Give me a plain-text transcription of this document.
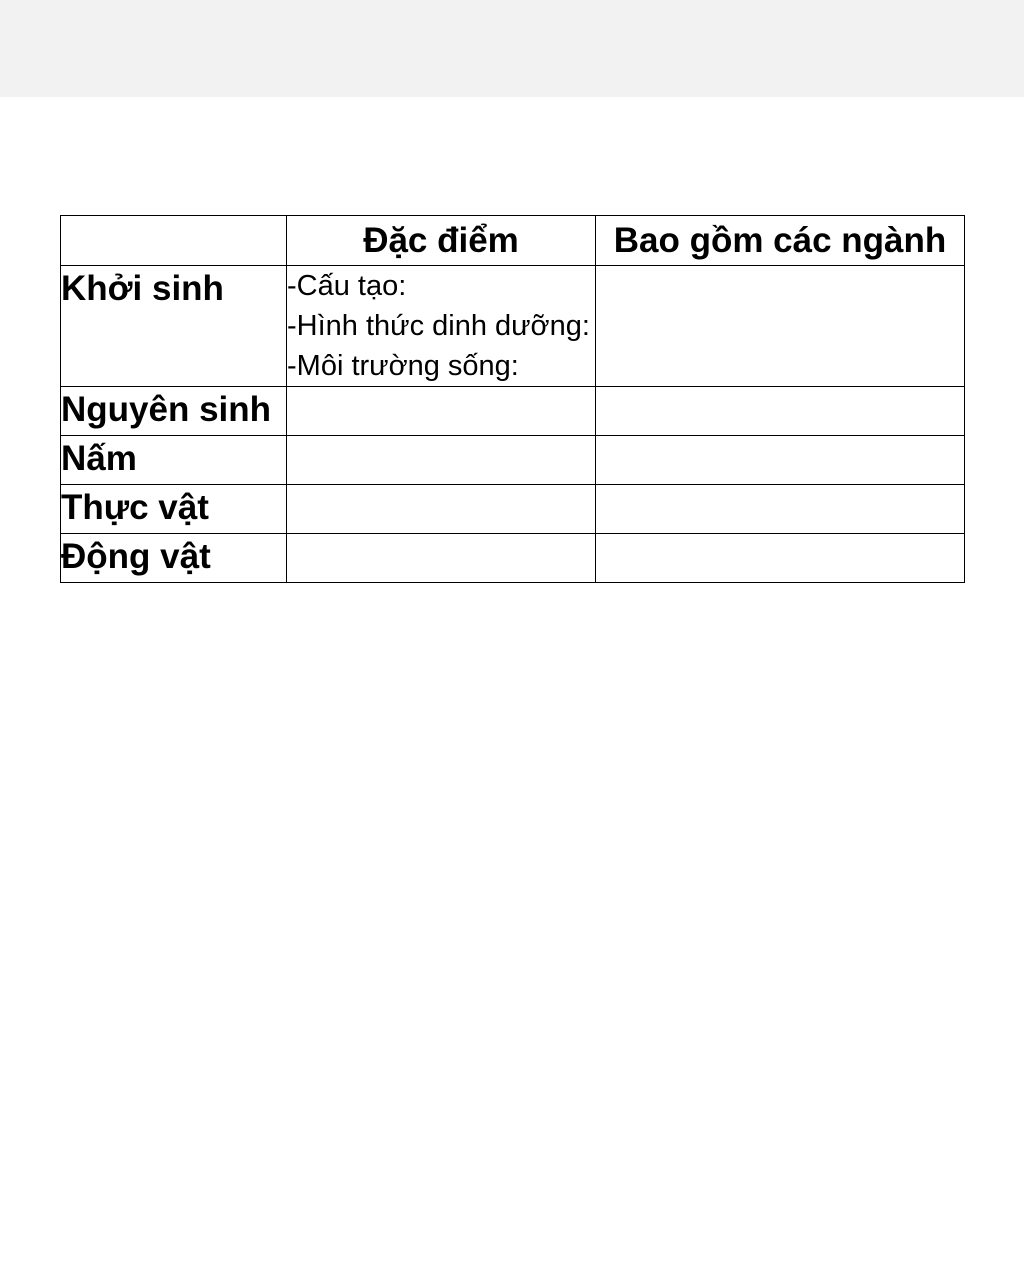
	Đặc điểm	Bao gồm các ngành
Khởi sinh	-Cấu tạo:
-Hình thức dinh dưỡng:
-Môi trường sống:	

Nguyên sinh		
Nấm		
Thực vật		
Động vật		
